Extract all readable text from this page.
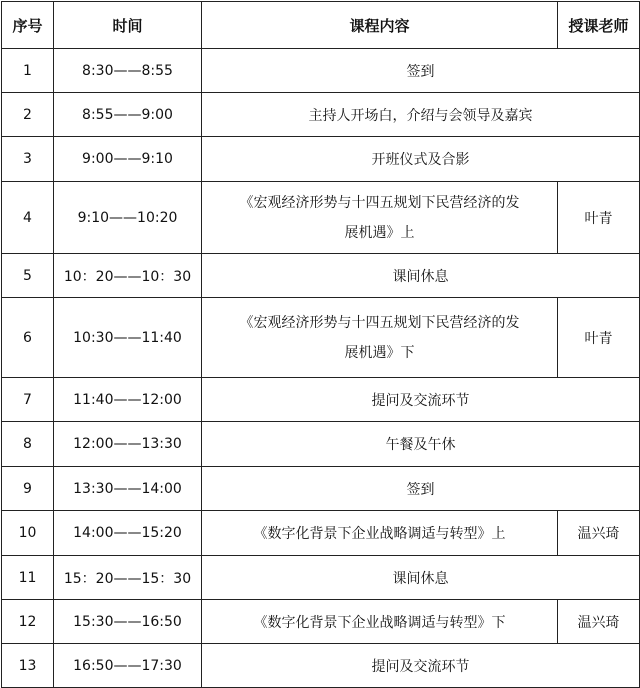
序号	时间	课程内容	授课老师
1	8:30——8:55	签到	
2	8:55——9:00	主持人开场白，介绍与会领导及嘉宾	
3	9:00——9:10	开班仪式及合影	
4	9:10——10:20	《宏观经济形势与十四五规划下民营经济的发
展机遇》上	叶青
5	10：20——10：30	课间休息	
6	10:30——11:40	《宏观经济形势与十四五规划下民营经济的发
展机遇》下	叶青
7	11:40——12:00	提问及交流环节	
8	12:00——13:30	午餐及午休	
9	13:30——14:00	签到	
10	14:00——15:20	《数字化背景下企业战略调适与转型》上	温兴琦
11	15：20——15：30	课间休息	
12	15:30——16:50	《数字化背景下企业战略调适与转型》下	温兴琦
13	16:50——17:30	提问及交流环节	
